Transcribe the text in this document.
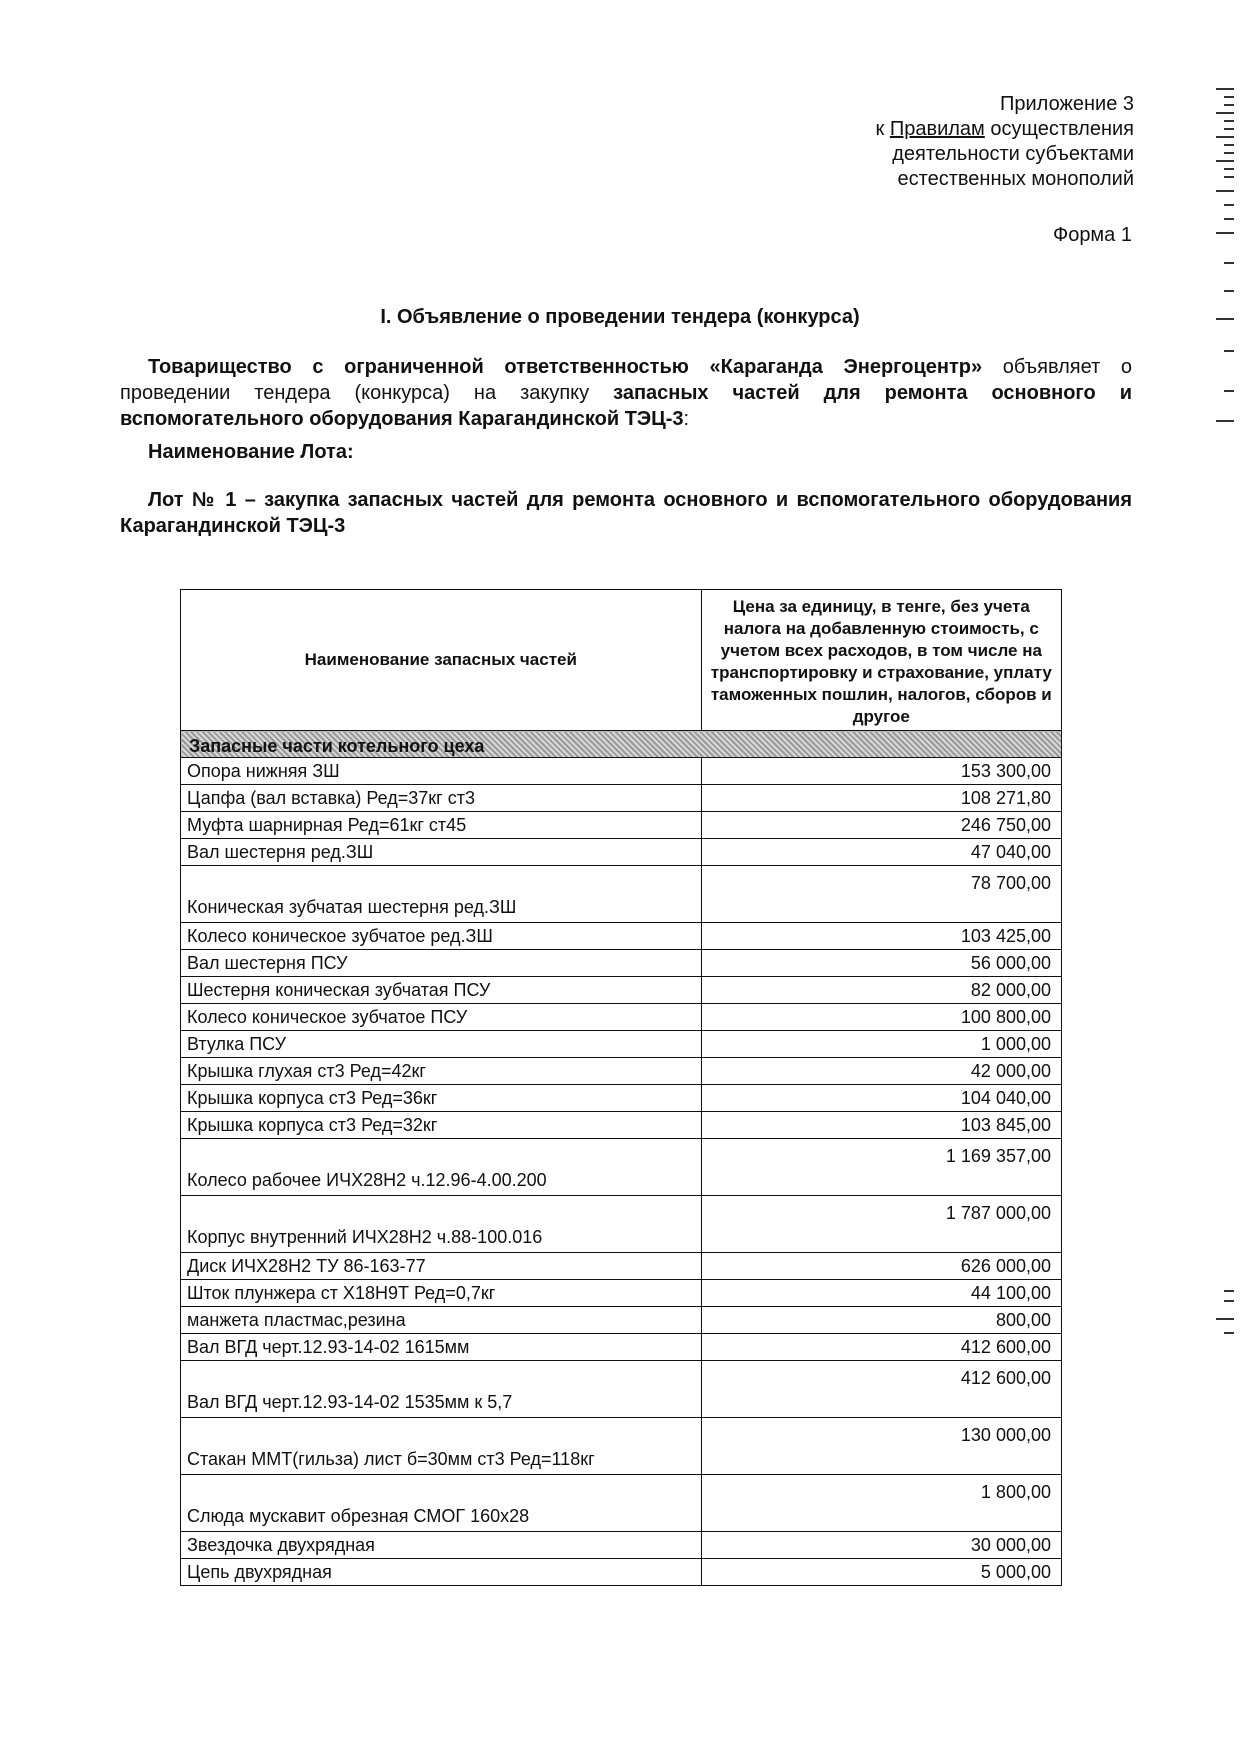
Приложение 3
к Правилам осуществления
деятельности субъектами
естественных монополий
Форма 1
I. Объявление о проведении тендера (конкурса)

Товарищество с ограниченной ответственностью «Караганда Энергоцентр» объявляет о проведении тендера (конкурса) на закупку запасных частей для ремонта основного и вспомогательного оборудования Карагандинской ТЭЦ-3:

Наименование Лота:
Лот № 1 – закупка запасных частей для ремонта основного и вспомогательного оборудования Карагандинской ТЭЦ-3
Наименование запасных частей	Цена за единицу, в тенге, без учета налога на добавленную стоимость, с учетом всех расходов, в том числе на транспортировку и страхование, уплату таможенных пошлин, налогов, сборов и другое
Запасные части котельного цеха	
Опора нижняя ЗШ	153 300,00
Цапфа (вал вставка) Ред=37кг ст3	108 271,80
Муфта шарнирная Ред=61кг ст45	246 750,00
Вал шестерня ред.ЗШ	47 040,00
Коническая зубчатая шестерня ред.ЗШ	78 700,00
Колесо коническое зубчатое ред.ЗШ	103 425,00
Вал шестерня ПСУ	56 000,00
Шестерня коническая зубчатая ПСУ	82 000,00
Колесо коническое зубчатое ПСУ	100 800,00
Втулка ПСУ	1 000,00
Крышка глухая ст3 Ред=42кг	42 000,00
Крышка корпуса ст3 Ред=36кг	104 040,00
Крышка корпуса ст3 Ред=32кг	103 845,00
Колесо рабочее ИЧХ28Н2 ч.12.96-4.00.200	1 169 357,00
Корпус внутренний ИЧХ28Н2 ч.88-100.016	1 787 000,00
Диск ИЧХ28Н2 ТУ 86-163-77	626 000,00
Шток плунжера ст Х18Н9Т Ред=0,7кг	44 100,00
манжета пластмас,резина	800,00
Вал ВГД черт.12.93-14-02 1615мм	412 600,00
Вал ВГД черт.12.93-14-02 1535мм к 5,7	412 600,00
Стакан ММТ(гильза) лист б=30мм ст3 Ред=118кг	130 000,00
Слюда мускавит обрезная СМОГ 160х28	1 800,00
Звездочка двухрядная	30 000,00
Цепь двухрядная	5 000,00
